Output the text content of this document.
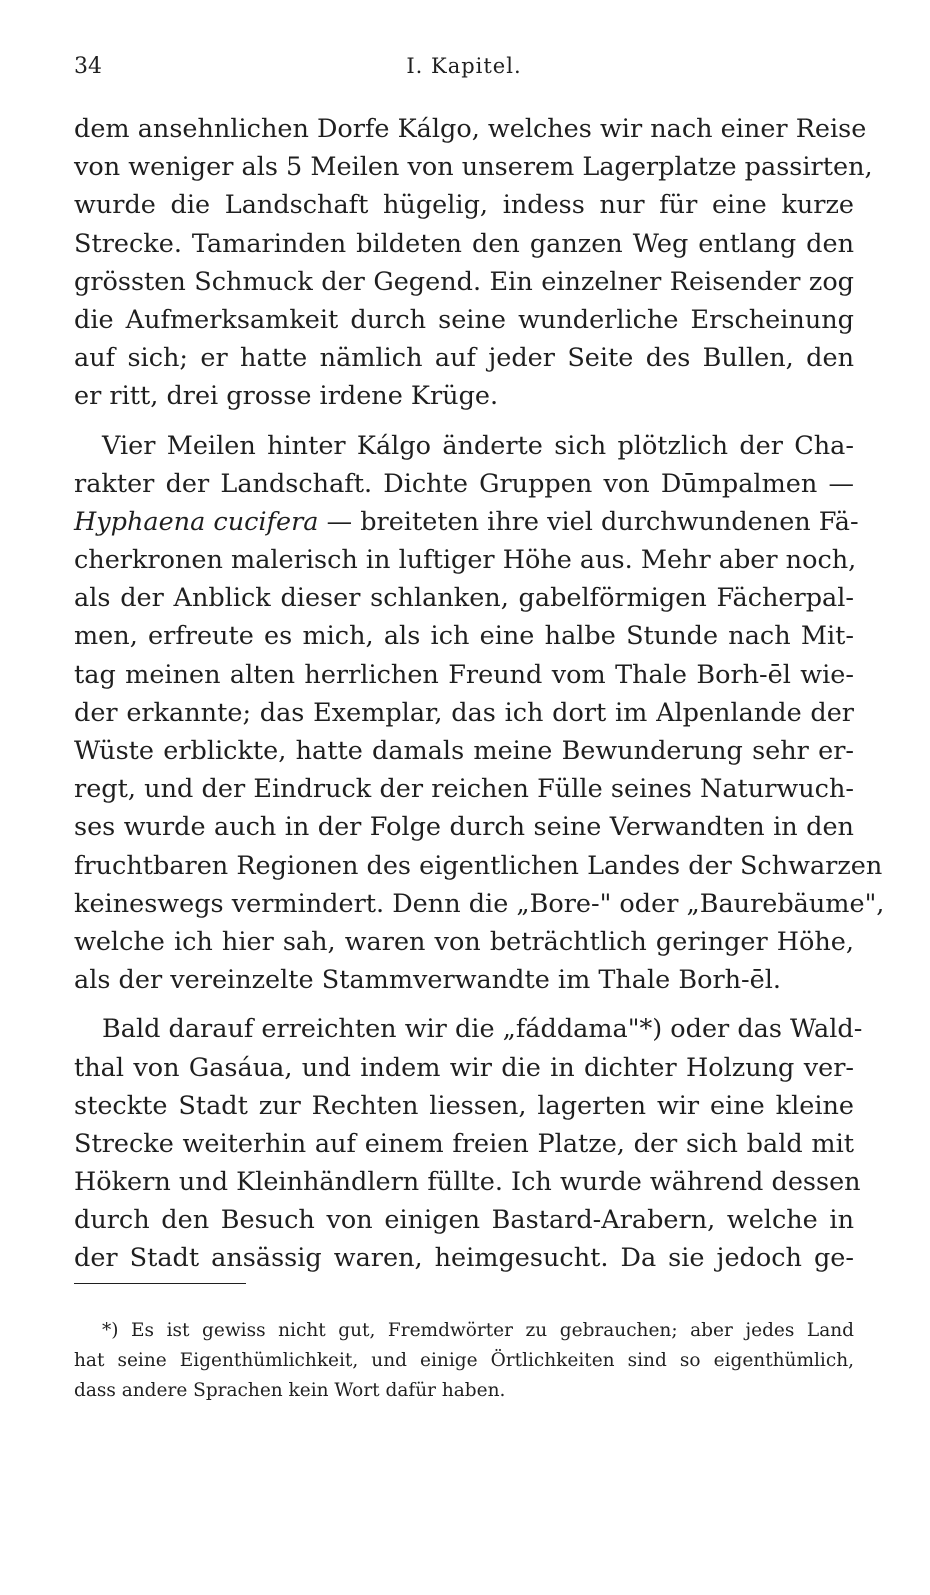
34	I. Kapitel.
dem ansehnlichen Dorfe Kálgo, welches wir nach einer Reise
von weniger als 5 Meilen von unserem Lagerplatze passirten,
wurde die Landschaft hügelig, indess nur für eine kurze
Strecke. Tamarinden bildeten den ganzen Weg entlang den
grössten Schmuck der Gegend. Ein einzelner Reisender zog
die Aufmerksamkeit durch seine wunderliche Erscheinung
auf sich; er hatte nämlich auf jeder Seite des Bullen, den
er ritt, drei grosse irdene Krüge.
Vier Meilen hinter Kálgo änderte sich plötzlich der Cha-
rakter der Landschaft. Dichte Gruppen von Dūmpalmen —
Hyphaena cucifera — breiteten ihre viel durchwundenen Fä-
cherkronen malerisch in luftiger Höhe aus. Mehr aber noch,
als der Anblick dieser schlanken, gabelförmigen Fächerpal-
men, erfreute es mich, als ich eine halbe Stunde nach Mit-
tag meinen alten herrlichen Freund vom Thale Borh-ēl wie-
der erkannte; das Exemplar, das ich dort im Alpenlande der
Wüste erblickte, hatte damals meine Bewunderung sehr er-
regt, und der Eindruck der reichen Fülle seines Naturwuch-
ses wurde auch in der Folge durch seine Verwandten in den
fruchtbaren Regionen des eigentlichen Landes der Schwarzen
keineswegs vermindert. Denn die „Bore-" oder „Baurebäume",
welche ich hier sah, waren von beträchtlich geringer Höhe,
als der vereinzelte Stammverwandte im Thale Borh-ēl.
Bald darauf erreichten wir die „fáddama"*) oder das Wald-
thal von Gasáua, und indem wir die in dichter Holzung ver-
steckte Stadt zur Rechten liessen, lagerten wir eine kleine
Strecke weiterhin auf einem freien Platze, der sich bald mit
Hökern und Kleinhändlern füllte. Ich wurde während dessen
durch den Besuch von einigen Bastard-Arabern, welche in
der Stadt ansässig waren, heimgesucht. Da sie jedoch ge-
*) Es ist gewiss nicht gut, Fremdwörter zu gebrauchen; aber jedes Land
hat seine Eigenthümlichkeit, und einige Örtlichkeiten sind so eigenthümlich,
dass andere Sprachen kein Wort dafür haben.
